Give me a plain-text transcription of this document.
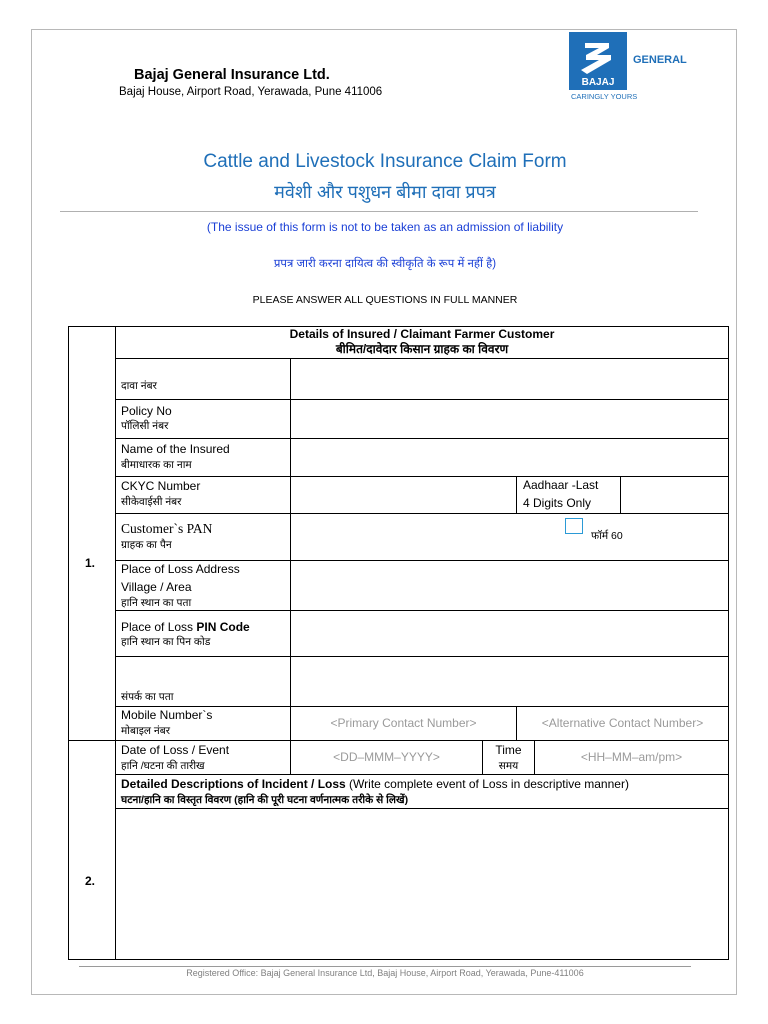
Bajaj General Insurance Ltd.
Bajaj House, Airport Road, Yerawada, Pune 411006
BAJAJ
GENERAL
CARINGLY YOURS
Cattle and Livestock Insurance Claim Form
मवेशी और पशुधन बीमा दावा प्रपत्र
(The issue of this form is not to be taken as an admission of liability
प्रपत्र जारी करना दायित्व की स्वीकृति के रूप में नहीं है)
PLEASE ANSWER ALL QUESTIONS IN FULL MANNER
1.
2.
Details of Insured / Claimant Farmer Customer
बीमित/दावेदार किसान ग्राहक का विवरण
दावा नंबर
Policy No
पॉलिसी नंबर
Name of the Insured
बीमाधारक का नाम
CKYC Number
सीकेवाईसी नंबर
Aadhaar -Last
4 Digits Only
Customer`s PAN
ग्राहक का पैन
फॉर्म 60
Place of Loss Address
Village / Area
हानि स्थान का पता
Place of Loss PIN Code
हानि स्थान का पिन कोड
संपर्क का पता
Mobile Number`s
मोबाइल नंबर
<Primary Contact Number>	<Alternative Contact Number>
Date of Loss / Event
हानि /घटना की तारीख
<DD–MMM–YYYY>	Time
समय
<HH–MM–am/pm>
Detailed Descriptions of Incident / Loss (Write complete event of Loss in descriptive manner)
घटना/हानि का विस्तृत विवरण (हानि की पूरी घटना वर्णनात्मक तरीके से लिखें)
Registered Office: Bajaj General Insurance Ltd, Bajaj House, Airport Road, Yerawada, Pune-411006
